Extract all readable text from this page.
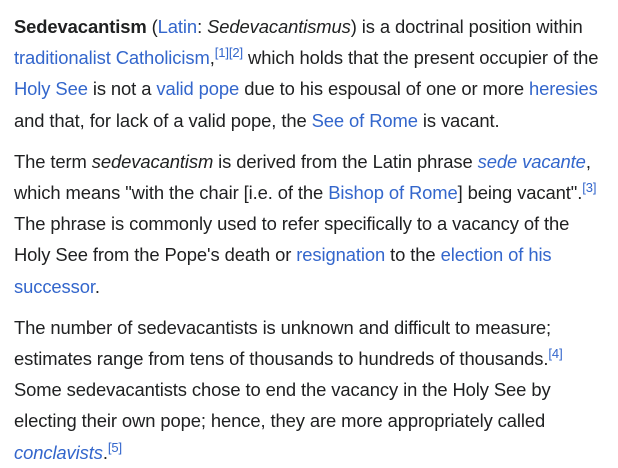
Sedevacantism (Latin: Sedevacantismus) is a doctrinal position within traditionalist Catholicism,[1][2] which holds that the present occupier of the Holy See is not a valid pope due to his espousal of one or more heresies and that, for lack of a valid pope, the See of Rome is vacant.

The term sedevacantism is derived from the Latin phrase sede vacante, which means "with the chair [i.e. of the Bishop of Rome] being vacant".[3] The phrase is commonly used to refer specifically to a vacancy of the Holy See from the Pope's death or resignation to the election of his successor.

The number of sedevacantists is unknown and difficult to measure; estimates range from tens of thousands to hundreds of thousands.[4] Some sedevacantists chose to end the vacancy in the Holy See by electing their own pope; hence, they are more appropriately called conclavists.[5]
